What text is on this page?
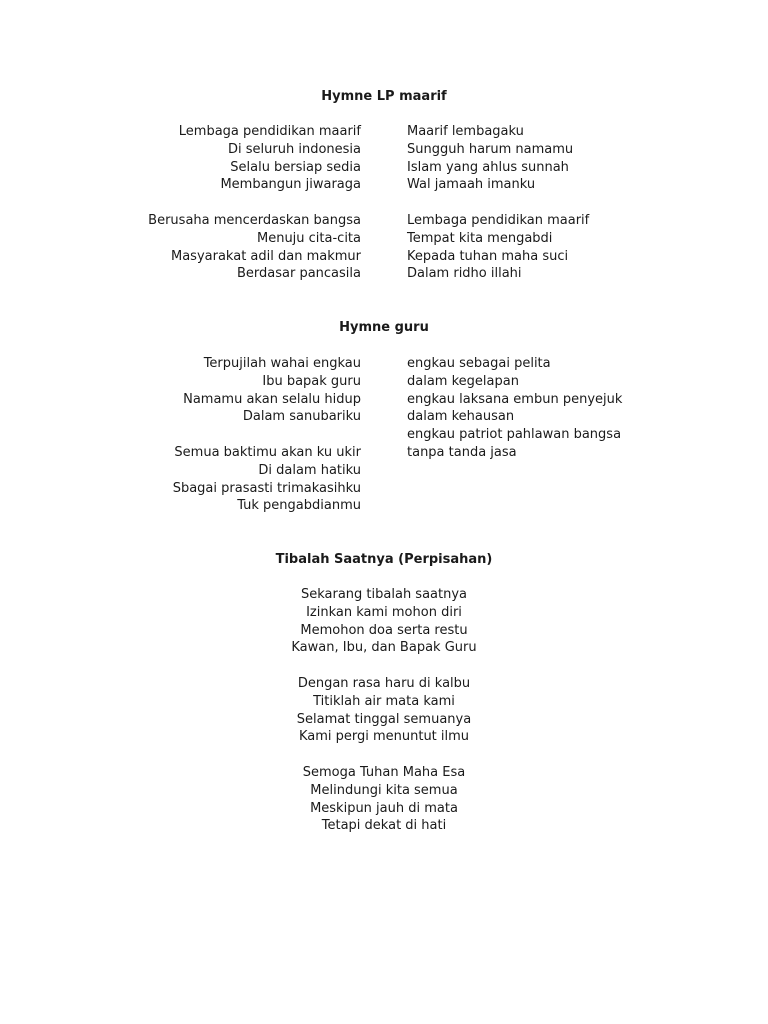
Hymne LP maarif
Lembaga pendidikan maarif
Di seluruh indonesia
Selalu bersiap sedia
Membangun jiwaraga
Berusaha mencerdaskan bangsa
Menuju cita-cita
Masyarakat adil dan makmur
Berdasar pancasila
Maarif lembagaku
Sungguh harum namamu
Islam yang ahlus sunnah
Wal jamaah imanku
Lembaga pendidikan maarif
Tempat kita mengabdi
Kepada tuhan maha suci
Dalam ridho illahi
Hymne guru
Terpujilah wahai engkau
Ibu bapak guru
Namamu akan selalu hidup
Dalam sanubariku
Semua baktimu akan ku ukir
Di dalam hatiku
Sbagai prasasti trimakasihku
Tuk pengabdianmu
engkau sebagai pelita
dalam kegelapan
engkau laksana embun penyejuk
dalam kehausan
engkau patriot pahlawan bangsa
tanpa tanda jasa
Tibalah Saatnya (Perpisahan)
Sekarang tibalah saatnya
Izinkan kami mohon diri
Memohon doa serta restu
Kawan, Ibu, dan Bapak Guru
Dengan rasa haru di kalbu
Titiklah air mata kami
Selamat tinggal semuanya
Kami pergi menuntut ilmu
Semoga Tuhan Maha Esa
Melindungi kita semua
Meskipun jauh di mata
Tetapi dekat di hati
